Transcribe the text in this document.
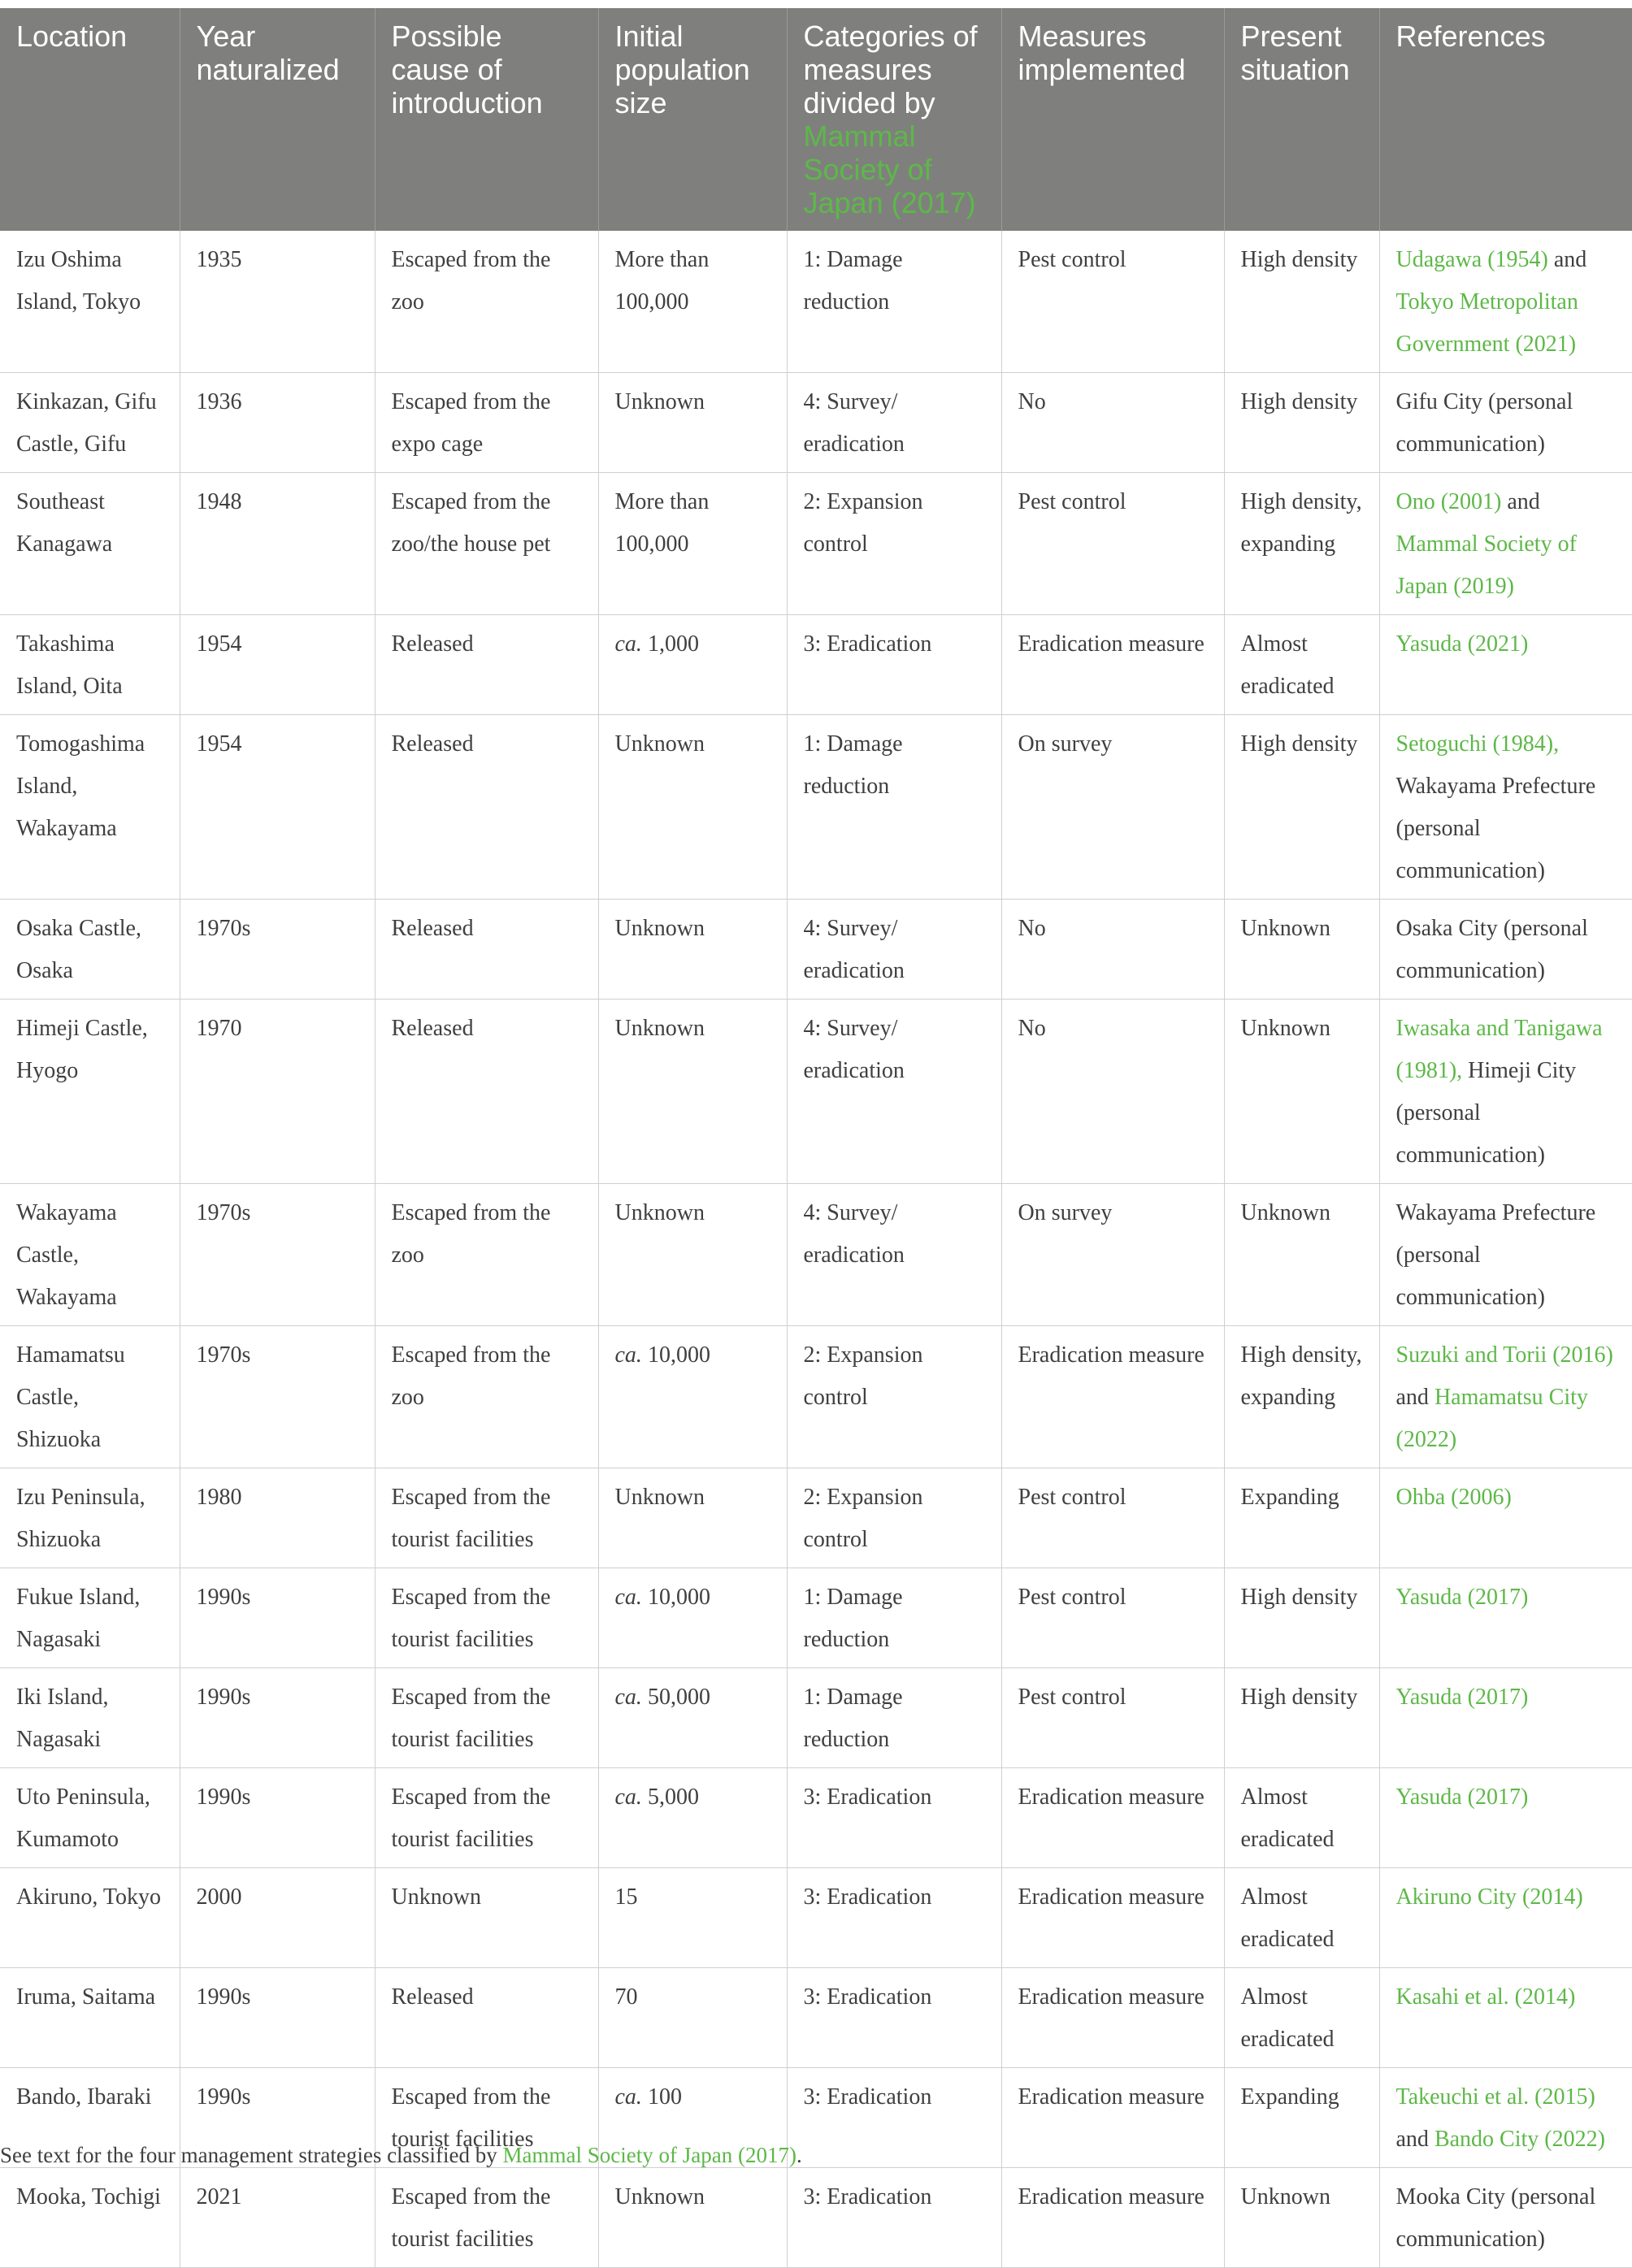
Location	Year naturalized	Possible cause of introduction	Initial population size	Categories of measures divided by Mammal Society of Japan (2017)	Measures implemented	Present situation	References
Izu Oshima Island, Tokyo	1935	Escaped from the zoo	More than 100,000	1: Damage reduction	Pest control	High density	Udagawa (1954) and Tokyo Metropolitan Government (2021)
Kinkazan, Gifu Castle, Gifu	1936	Escaped from the expo cage	Unknown	4: Survey/ eradication	No	High density	Gifu City (personal communication)
Southeast Kanagawa	1948	Escaped from the zoo/the house pet	More than 100,000	2: Expansion control	Pest control	High density, expanding	Ono (2001) and Mammal Society of Japan (2019)
Takashima Island, Oita	1954	Released	ca. 1,000	3: Eradication	Eradication measure	Almost eradicated	Yasuda (2021)
Tomogashima Island, Wakayama	1954	Released	Unknown	1: Damage reduction	On survey	High density	Setoguchi (1984), Wakayama Prefecture (personal communication)
Osaka Castle, Osaka	1970s	Released	Unknown	4: Survey/ eradication	No	Unknown	Osaka City (personal communication)
Himeji Castle, Hyogo	1970	Released	Unknown	4: Survey/ eradication	No	Unknown	Iwasaka and Tanigawa (1981), Himeji City (personal communication)
Wakayama Castle, Wakayama	1970s	Escaped from the zoo	Unknown	4: Survey/ eradication	On survey	Unknown	Wakayama Prefecture (personal communication)
Hamamatsu Castle, Shizuoka	1970s	Escaped from the zoo	ca. 10,000	2: Expansion control	Eradication measure	High density, expanding	Suzuki and Torii (2016) and Hamamatsu City (2022)
Izu Peninsula, Shizuoka	1980	Escaped from the tourist facilities	Unknown	2: Expansion control	Pest control	Expanding	Ohba (2006)
Fukue Island, Nagasaki	1990s	Escaped from the tourist facilities	ca. 10,000	1: Damage reduction	Pest control	High density	Yasuda (2017)
Iki Island, Nagasaki	1990s	Escaped from the tourist facilities	ca. 50,000	1: Damage reduction	Pest control	High density	Yasuda (2017)
Uto Peninsula, Kumamoto	1990s	Escaped from the tourist facilities	ca. 5,000	3: Eradication	Eradication measure	Almost eradicated	Yasuda (2017)
Akiruno, Tokyo	2000	Unknown	15	3: Eradication	Eradication measure	Almost eradicated	Akiruno City (2014)
Iruma, Saitama	1990s	Released	70	3: Eradication	Eradication measure	Almost eradicated	Kasahi et al. (2014)
Bando, Ibaraki	1990s	Escaped from the tourist facilities	ca. 100	3: Eradication	Eradication measure	Expanding	Takeuchi et al. (2015) and Bando City (2022)
Mooka, Tochigi	2021	Escaped from the tourist facilities	Unknown	3: Eradication	Eradication measure	Unknown	Mooka City (personal communication)
See text for the four management strategies classified by Mammal Society of Japan (2017).
